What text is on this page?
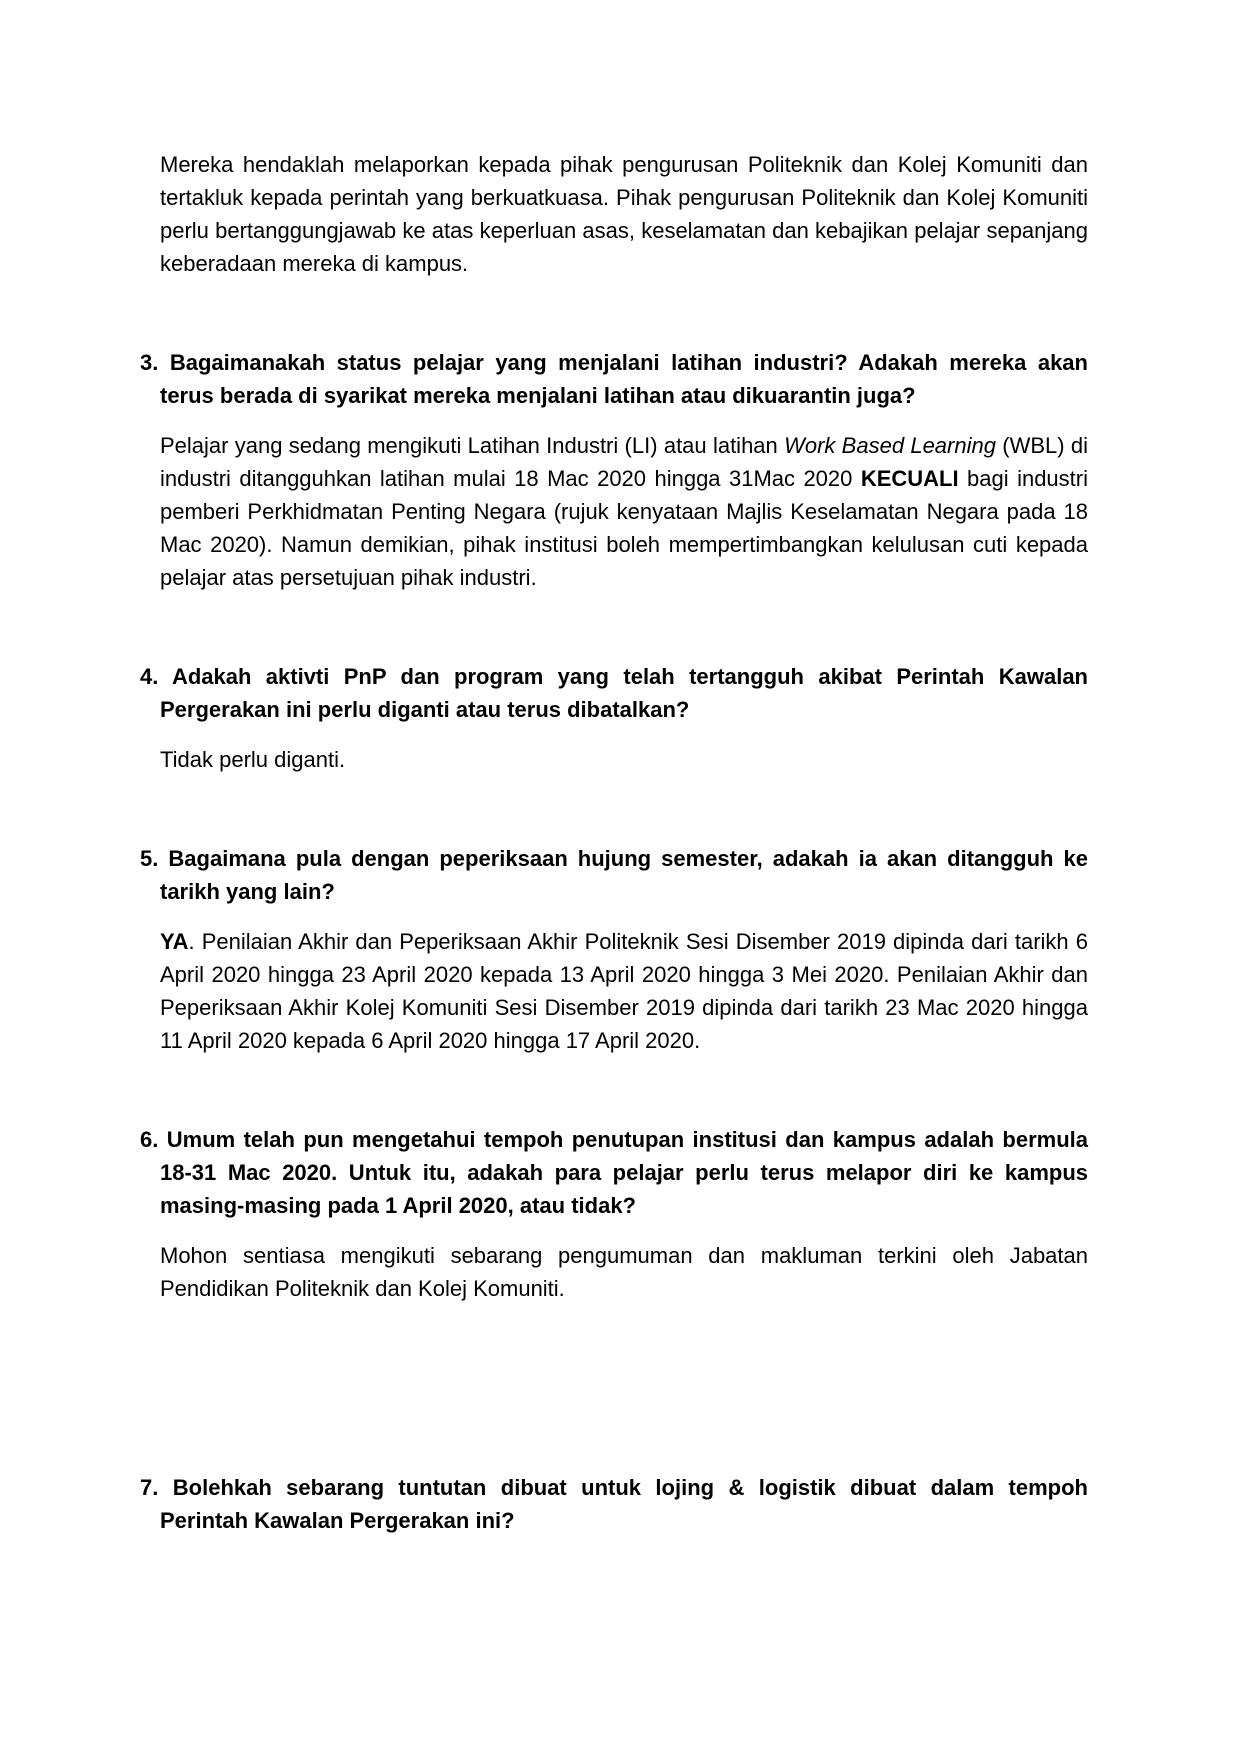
Mereka hendaklah melaporkan kepada pihak pengurusan Politeknik dan Kolej Komuniti dan tertakluk kepada perintah yang berkuatkuasa. Pihak pengurusan Politeknik dan Kolej Komuniti perlu bertanggungjawab ke atas keperluan asas, keselamatan dan kebajikan pelajar sepanjang keberadaan mereka di kampus.

3. Bagaimanakah status pelajar yang menjalani latihan industri? Adakah mereka akan terus berada di syarikat mereka menjalani latihan atau dikuarantin juga?

Pelajar yang sedang mengikuti Latihan Industri (LI) atau latihan Work Based Learning (WBL) di industri ditangguhkan latihan mulai 18 Mac 2020 hingga 31Mac 2020 KECUALI bagi industri pemberi Perkhidmatan Penting Negara (rujuk kenyataan Majlis Keselamatan Negara pada 18 Mac 2020). Namun demikian, pihak institusi boleh mempertimbangkan kelulusan cuti kepada pelajar atas persetujuan pihak industri.

4. Adakah aktivti PnP dan program yang telah tertangguh akibat Perintah Kawalan Pergerakan ini perlu diganti atau terus dibatalkan?

Tidak perlu diganti.

5. Bagaimana pula dengan peperiksaan hujung semester, adakah ia akan ditangguh ke tarikh yang lain?

YA. Penilaian Akhir dan Peperiksaan Akhir Politeknik Sesi Disember 2019 dipinda dari tarikh 6 April 2020 hingga 23 April 2020 kepada 13 April 2020 hingga 3 Mei 2020. Penilaian Akhir dan Peperiksaan Akhir Kolej Komuniti Sesi Disember 2019 dipinda dari tarikh 23 Mac 2020 hingga 11 April 2020 kepada 6 April 2020 hingga 17 April 2020.

6. Umum telah pun mengetahui tempoh penutupan institusi dan kampus adalah bermula 18-31 Mac 2020. Untuk itu, adakah para pelajar perlu terus melapor diri ke kampus masing-masing pada 1 April 2020, atau tidak?

Mohon sentiasa mengikuti sebarang pengumuman dan makluman terkini oleh Jabatan Pendidikan Politeknik dan Kolej Komuniti.

7. Bolehkah sebarang tuntutan dibuat untuk lojing & logistik dibuat dalam tempoh Perintah Kawalan Pergerakan ini?
